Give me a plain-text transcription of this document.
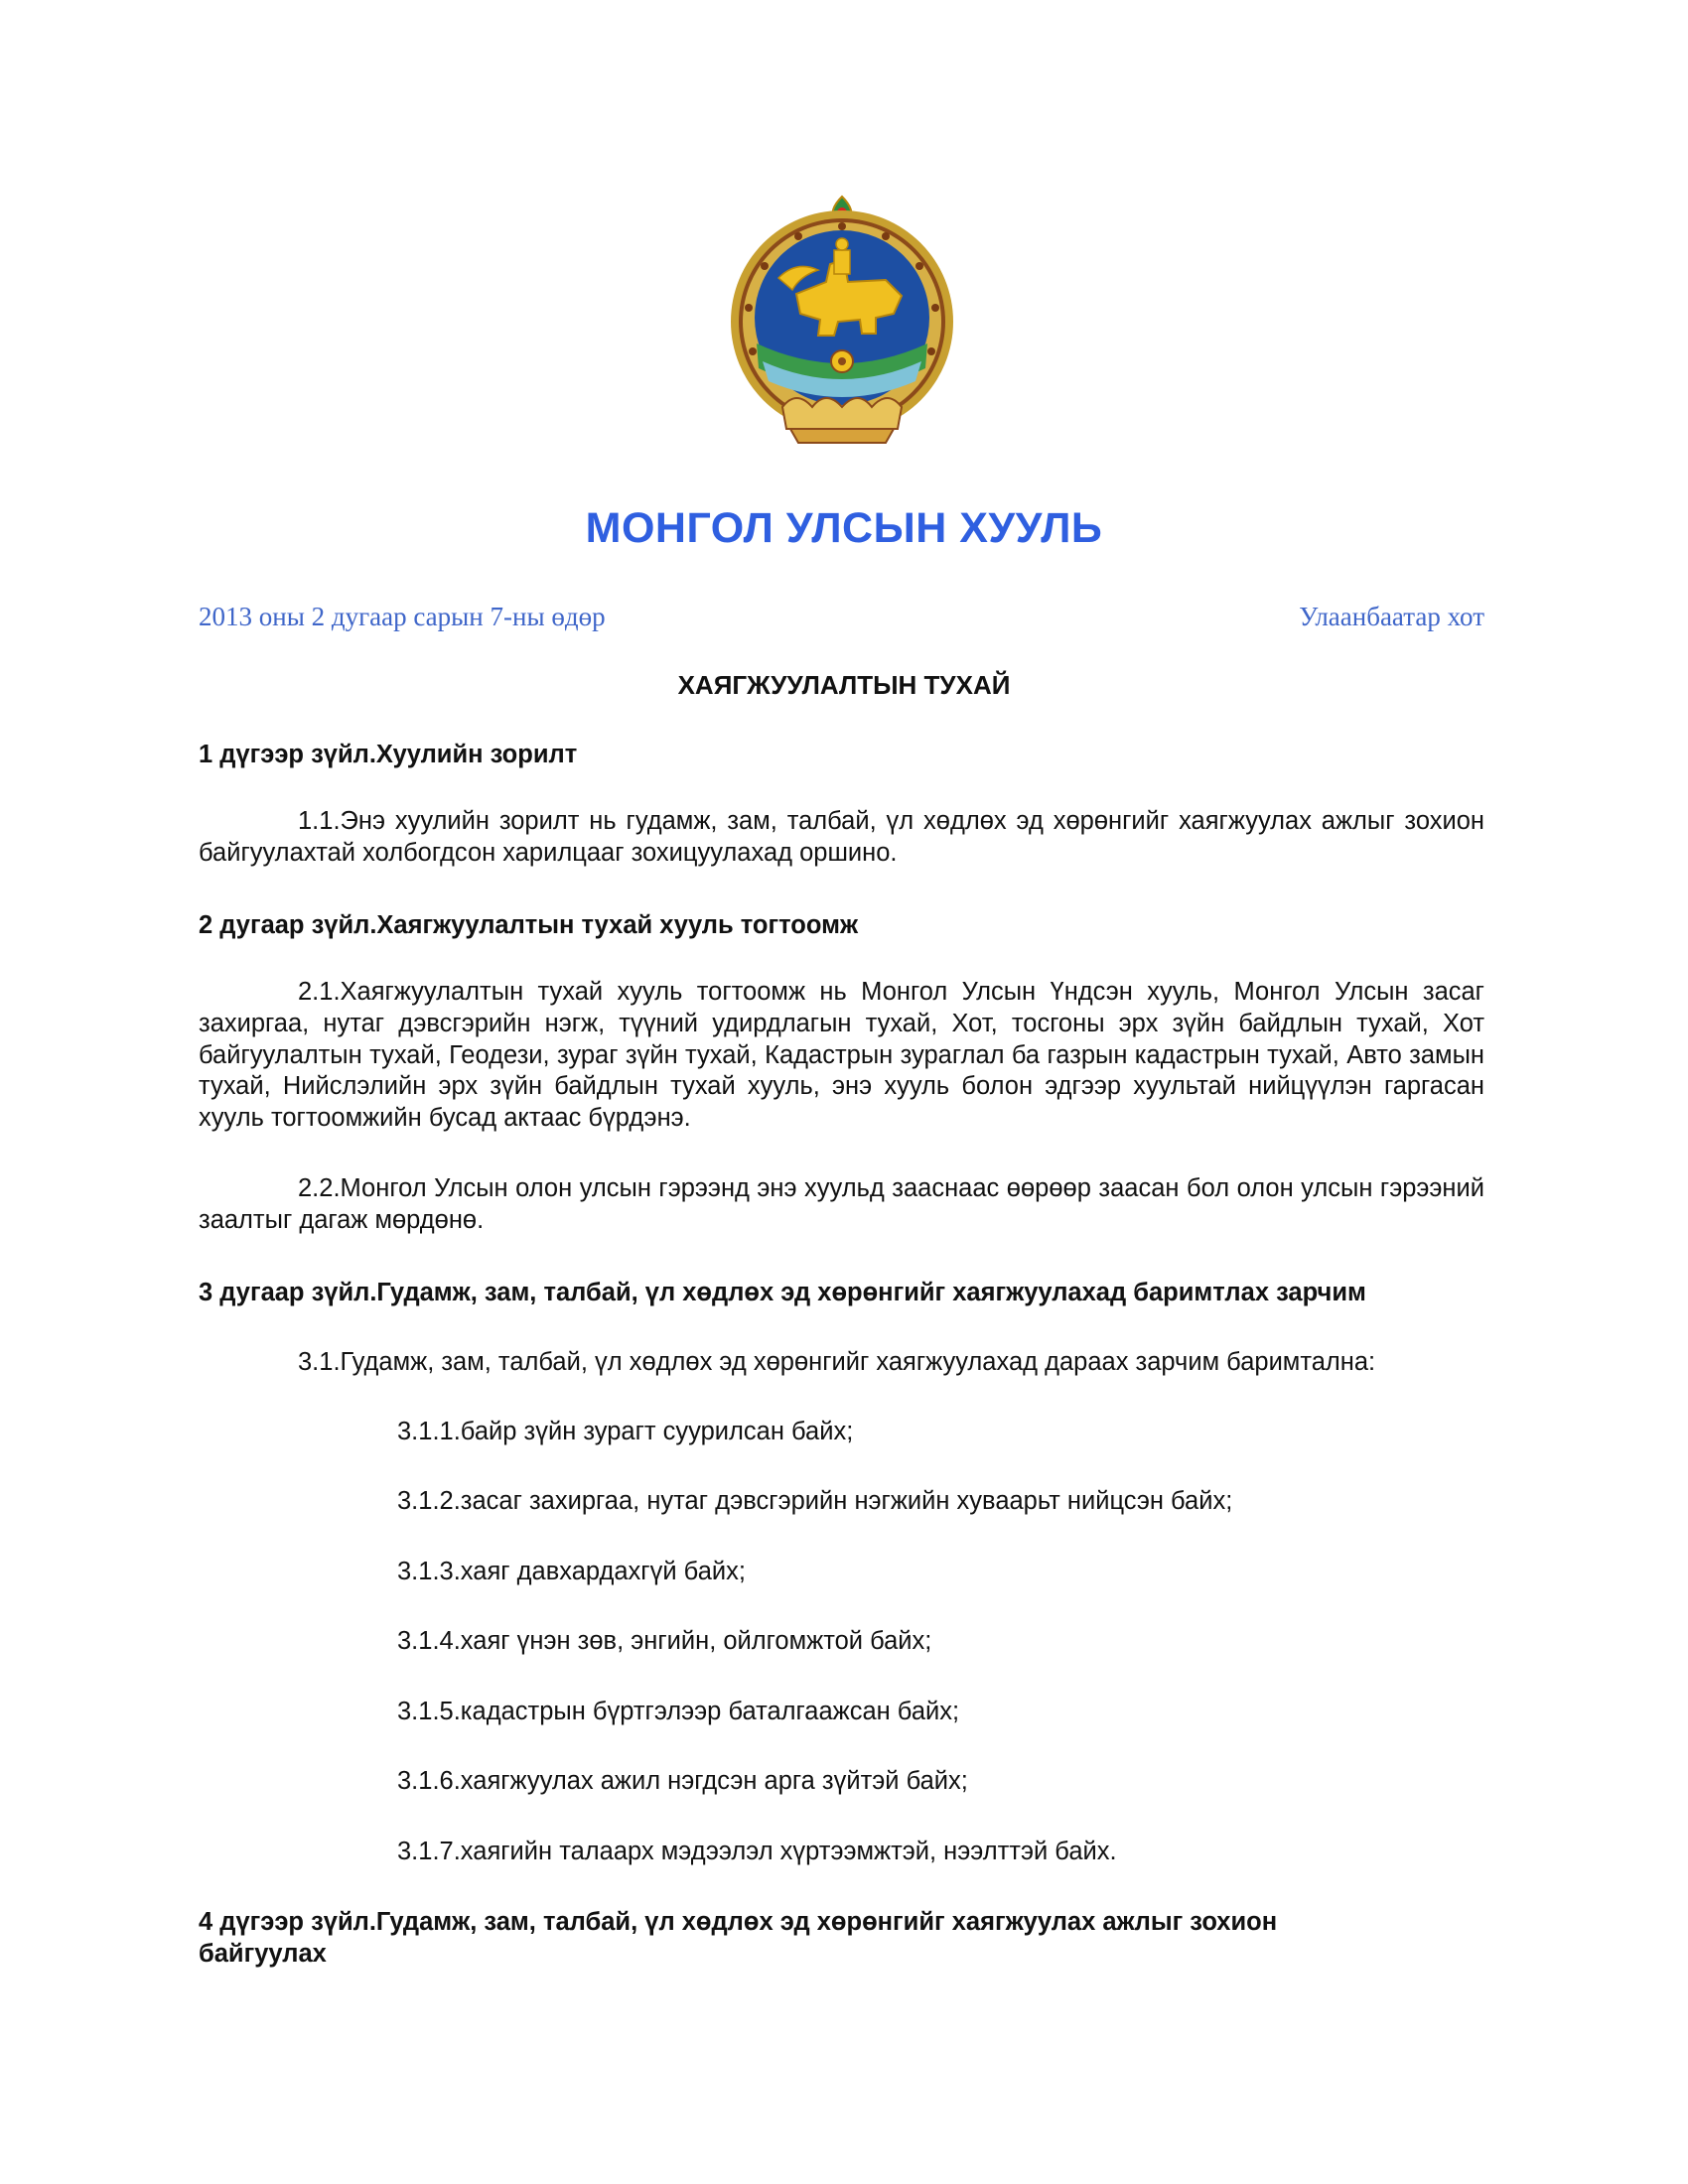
МОНГОЛ УЛСЫН ХУУЛЬ
2013 оны 2 дугаар сарын 7-ны өдөр	Улаанбаатар хот
ХАЯГЖУУЛАЛТЫН ТУХАЙ

1 дүгээр зүйл.Хуулийн зорилт

1.1.Энэ хуулийн зорилт нь гудамж, зам, талбай, үл хөдлөх эд хөрөнгийг хаягжуулах ажлыг зохион байгуулахтай холбогдсон харилцааг зохицуулахад оршино.

2 дугаар зүйл.Хаягжуулалтын тухай хууль тогтоомж

2.1.Хаягжуулалтын тухай хууль тогтоомж нь Монгол Улсын Үндсэн хууль, Монгол Улсын засаг захиргаа, нутаг дэвсгэрийн нэгж, түүний удирдлагын тухай, Хот, тосгоны эрх зүйн байдлын тухай, Хот байгуулалтын тухай, Геодези, зураг зүйн тухай, Кадастрын зураглал ба газрын кадастрын тухай, Авто замын тухай, Нийслэлийн эрх зүйн байдлын тухай хууль, энэ хууль болон эдгээр хуультай нийцүүлэн гаргасан хууль тогтоомжийн бусад актаас бүрдэнэ.

2.2.Монгол Улсын олон улсын гэрээнд энэ хуульд зааснаас өөрөөр заасан бол олон улсын гэрээний заалтыг дагаж мөрдөнө.

3 дугаар зүйл.Гудамж, зам, талбай, үл хөдлөх эд хөрөнгийг хаягжуулахад баримтлах зарчим

3.1.Гудамж, зам, талбай, үл хөдлөх эд хөрөнгийг хаягжуулахад дараах зарчим баримтална:

3.1.1.байр зүйн зурагт суурилсан байх;

3.1.2.засаг захиргаа, нутаг дэвсгэрийн нэгжийн хуваарьт нийцсэн байх;

3.1.3.хаяг давхардахгүй байх;

3.1.4.хаяг үнэн зөв, энгийн, ойлгомжтой байх;

3.1.5.кадастрын бүртгэлээр баталгаажсан байх;

3.1.6.хаягжуулах ажил нэгдсэн арга зүйтэй байх;

3.1.7.хаягийн талаарх мэдээлэл хүртээмжтэй, нээлттэй байх.

4 дүгээр зүйл.Гудамж, зам, талбай, үл хөдлөх эд хөрөнгийг хаягжуулах ажлыг зохион байгуулах
